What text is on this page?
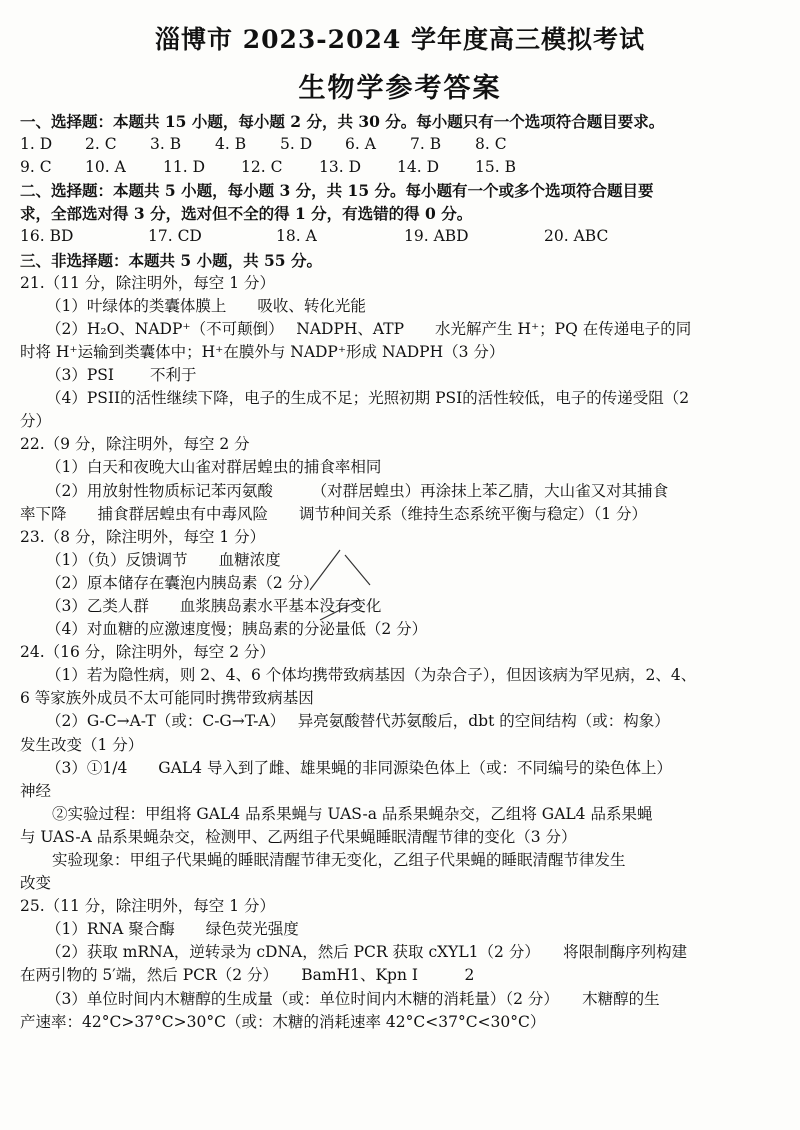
淄博市 2023-2024 学年度高三模拟考试
生物学参考答案
一、选择题：本题共 15 小题，每小题 2 分，共 30 分。每小题只有一个选项符合题目要求。
1. D 2. C 3. B 4. B 5. D 6. A 7. B 8. C
9. C 10. A 11. D 12. C 13. D 14. D 15. B
二、选择题：本题共 5 小题，每小题 3 分，共 15 分。每小题有一个或多个选项符合题目要
求，全部选对得 3 分，选对但不全的得 1 分，有选错的得 0 分。
16. BD	17. CD	18. A	19. ABD	20. ABC
三、非选择题：本题共 5 小题，共 55 分。
21.（11 分，除注明外，每空 1 分）
（1）叶绿体的类囊体膜上　　吸收、转化光能
（2）H₂O、NADP⁺（不可颠倒）　 NADPH、ATP　　水光解产生 H⁺；PQ 在传递电子的同
时将 H⁺运输到类囊体中；H⁺在膜外与 NADP⁺形成 NADPH（3 分）
（3）PSI　　 不利于
（4）PSII的活性继续下降，电子的生成不足；光照初期 PSI的活性较低，电子的传递受阻（2
分）
22.（9 分，除注明外，每空 2 分
（1）白天和夜晚大山雀对群居蝗虫的捕食率相同
（2）用放射性物质标记苯丙氨酸　　　（对群居蝗虫）再涂抹上苯乙腈，大山雀又对其捕食
率下降　　捕食群居蝗虫有中毒风险　　调节种间关系（维持生态系统平衡与稳定）（1 分）
23.（8 分，除注明外，每空 1 分）
（1）（负）反馈调节　　血糖浓度
（2）原本储存在囊泡内胰岛素（2 分）
（3）乙类人群　　血浆胰岛素水平基本没有变化
（4）对血糖的应激速度慢；胰岛素的分泌量低（2 分）
24.（16 分，除注明外，每空 2 分）
（1）若为隐性病，则 2、4、6 个体均携带致病基因（为杂合子），但因该病为罕见病，2、4、
6 等家族外成员不太可能同时携带致病基因
（2）G-C→A-T（或：C-G→T-A）　 异亮氨酸替代苏氨酸后，dbt 的空间结构（或：构象）
发生改变（1 分）
（3）①1/4　　GAL4 导入到了雌、雄果蝇的非同源染色体上（或：不同编号的染色体上）
神经
②实验过程：甲组将 GAL4 品系果蝇与 UAS-a 品系果蝇杂交，乙组将 GAL4 品系果蝇
与 UAS-A 品系果蝇杂交，检测甲、乙两组子代果蝇睡眠清醒节律的变化（3 分）
实验现象：甲组子代果蝇的睡眠清醒节律无变化，乙组子代果蝇的睡眠清醒节律发生
改变
25.（11 分，除注明外，每空 1 分）
（1）RNA 聚合酶　　绿色荧光强度
（2）获取 mRNA，逆转录为 cDNA，然后 PCR 获取 cXYL1（2 分）　　将限制酶序列构建
在两引物的 5′端，然后 PCR（2 分）　　BamH1、Kpn I　　　2
（3）单位时间内木糖醇的生成量（或：单位时间内木糖的消耗量）（2 分）　　木糖醇的生
产速率：42°C>37°C>30°C（或：木糖的消耗速率 42°C<37°C<30°C）
